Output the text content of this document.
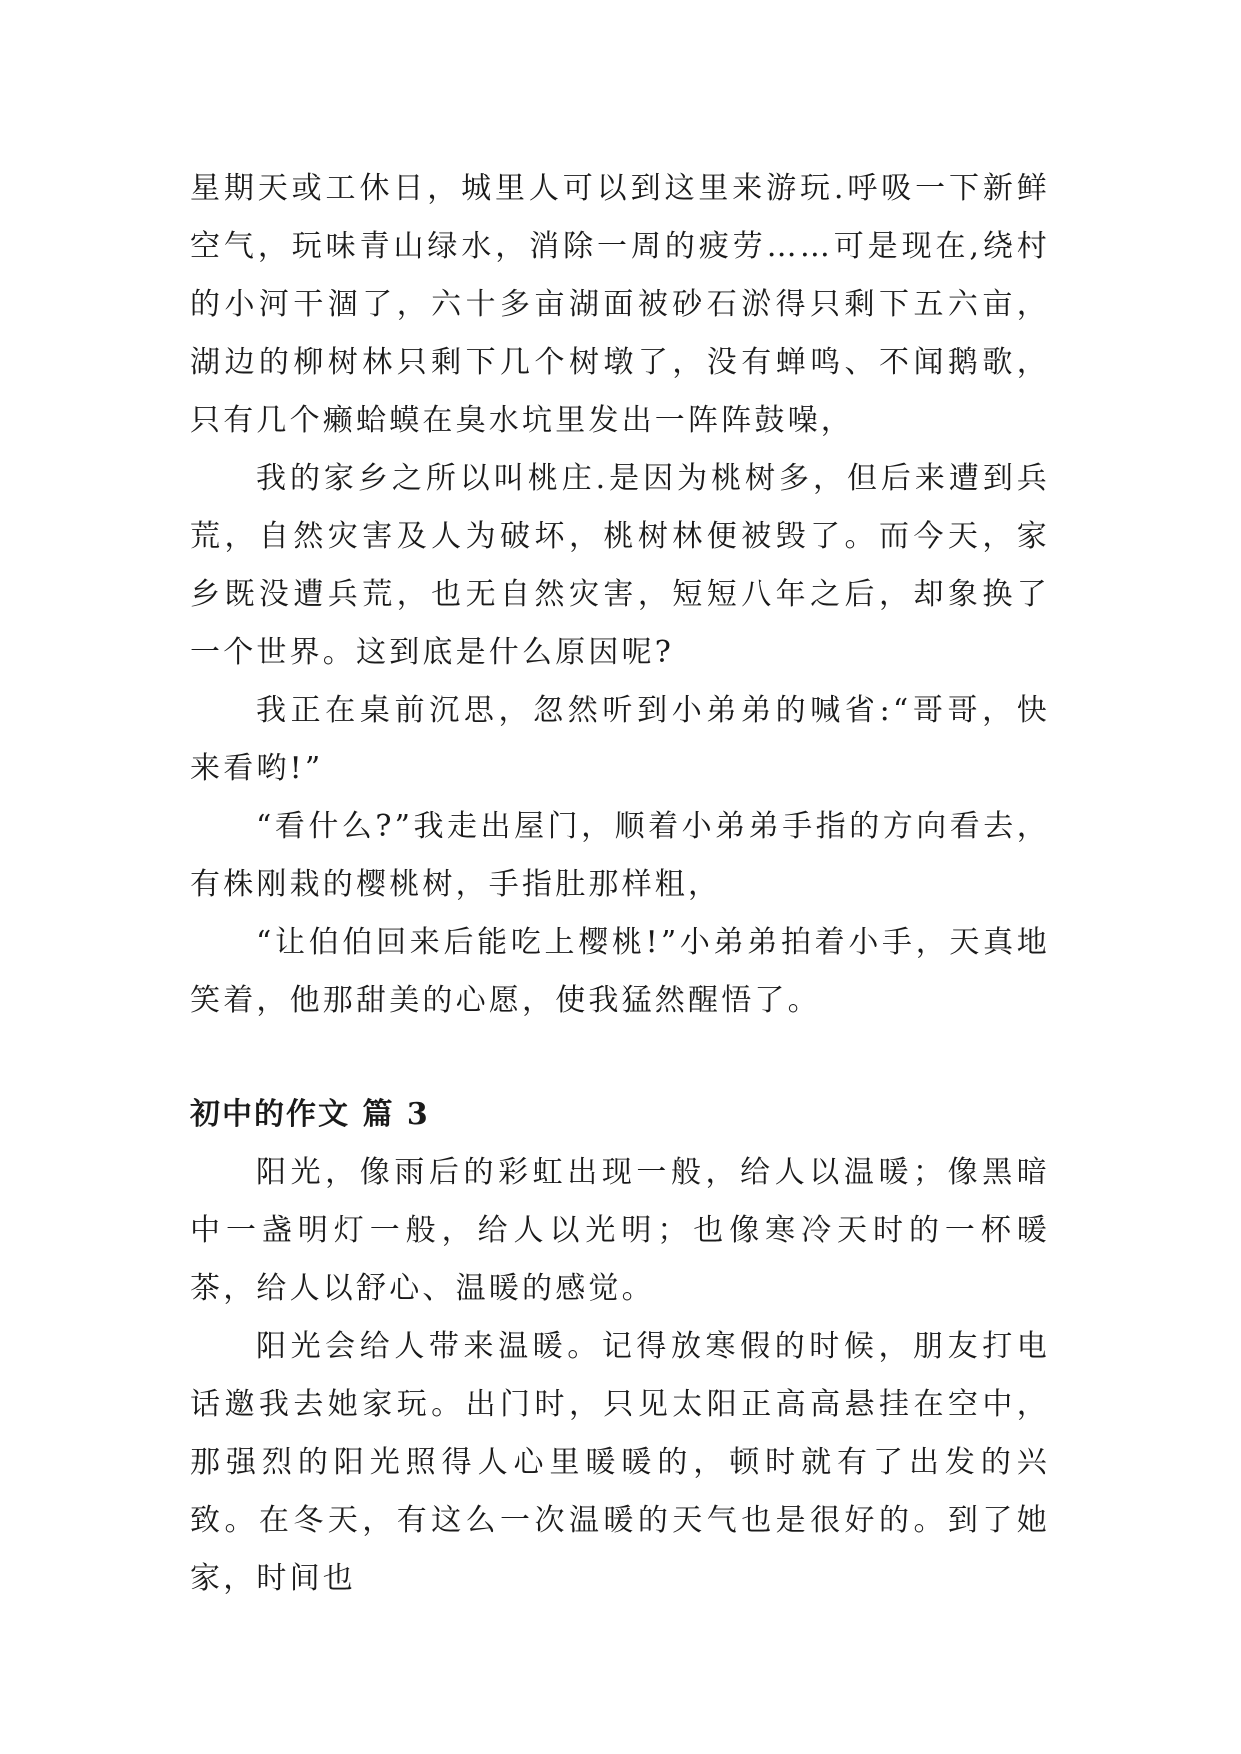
星期天或工休日，城里人可以到这里来游玩.呼吸一下新鲜空气，玩味青山绿水，消除一周的疲劳……可是现在,绕村的小河干涸了，六十多亩湖面被砂石淤得只剩下五六亩，湖边的柳树林只剩下几个树墩了，没有蝉鸣、不闻鹅歌，只有几个癞蛤蟆在臭水坑里发出一阵阵鼓噪，

我的家乡之所以叫桃庄.是因为桃树多，但后来遭到兵荒，自然灾害及人为破坏，桃树林便被毁了。而今天，家乡既没遭兵荒，也无自然灾害，短短八年之后，却象换了一个世界。这到底是什么原因呢?

我正在桌前沉思，忽然听到小弟弟的喊省:“哥哥，快来看哟!”

“看什么?”我走出屋门，顺着小弟弟手指的方向看去，有株刚栽的樱桃树，手指肚那样粗，

“让伯伯回来后能吃上樱桃!”小弟弟拍着小手，天真地笑着，他那甜美的心愿，使我猛然醒悟了。

初中的作文 篇 3

阳光，像雨后的彩虹出现一般，给人以温暖；像黑暗中一盏明灯一般，给人以光明；也像寒冷天时的一杯暖茶，给人以舒心、温暖的感觉。

阳光会给人带来温暖。记得放寒假的时候，朋友打电话邀我去她家玩。出门时，只见太阳正高高悬挂在空中，那强烈的阳光照得人心里暖暖的，顿时就有了出发的兴致。在冬天，有这么一次温暖的天气也是很好的。到了她家，时间也
